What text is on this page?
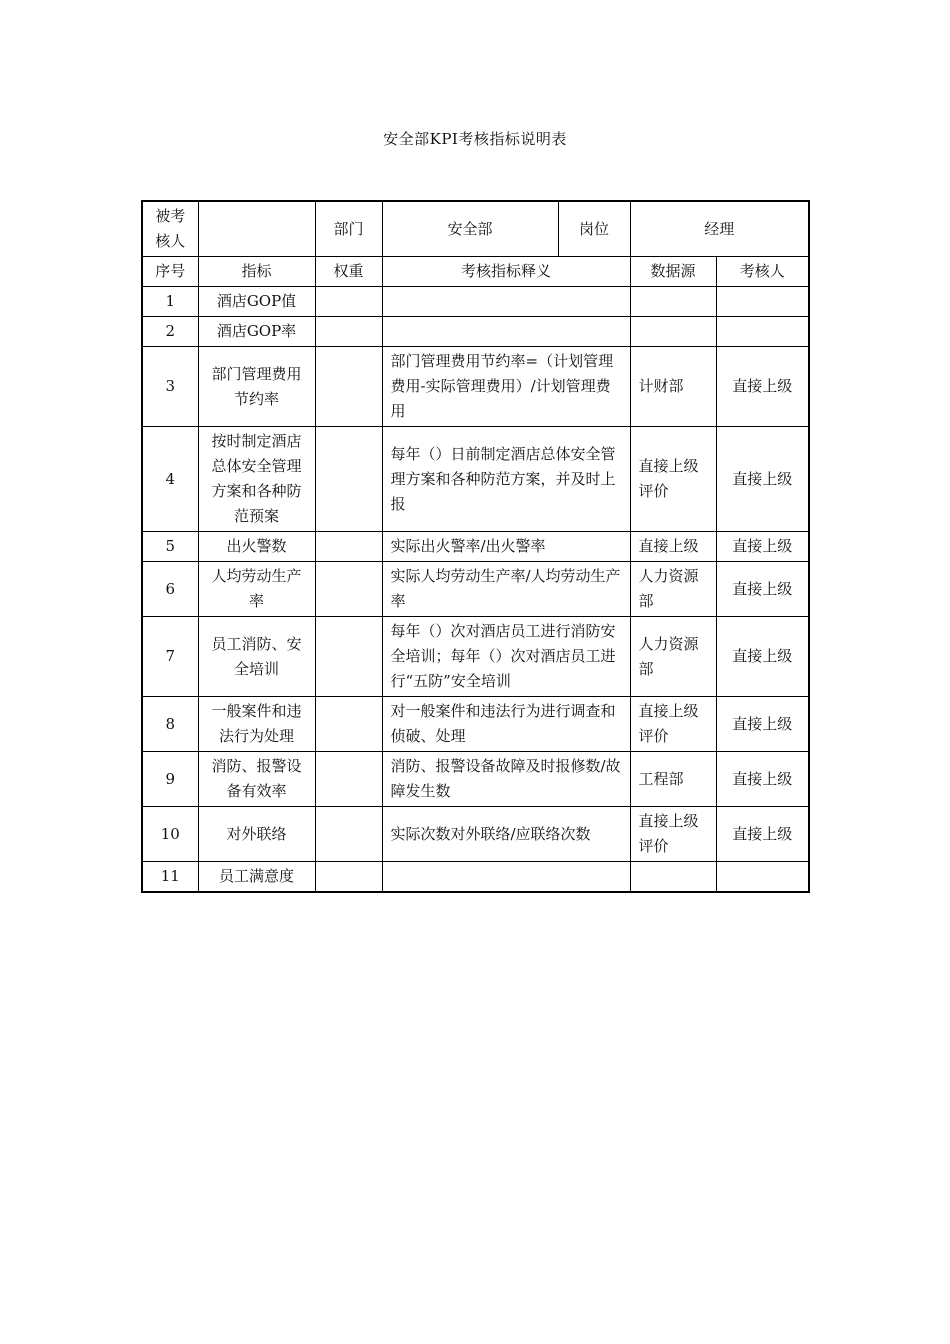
安全部KPI考核指标说明表
被考核人		部门	安全部	岗位	经理	
序号	指标	权重	考核指标释义		数据源	考核人
1	酒店GOP值					
2	酒店GOP率					
3	部门管理费用节约率		部门管理费用节约率=（计划管理费用-实际管理费用）/计划管理费用		计财部	直接上级
4	按时制定酒店总体安全管理方案和各种防范预案		每年（）日前制定酒店总体安全管理方案和各种防范方案，并及时上报		直接上级评价	直接上级
5	出火警数		实际出火警率/出火警率		直接上级	直接上级
6	人均劳动生产率		实际人均劳动生产率/人均劳动生产率		人力资源部	直接上级
7	员工消防、安全培训		每年（）次对酒店员工进行消防安全培训；每年（）次对酒店员工进行“五防”安全培训		人力资源部	直接上级
8	一般案件和违法行为处理		对一般案件和违法行为进行调查和侦破、处理		直接上级评价	直接上级
9	消防、报警设备有效率		消防、报警设备故障及时报修数/故障发生数		工程部	直接上级
10	对外联络		实际次数对外联络/应联络次数		直接上级评价	直接上级
11	员工满意度					
